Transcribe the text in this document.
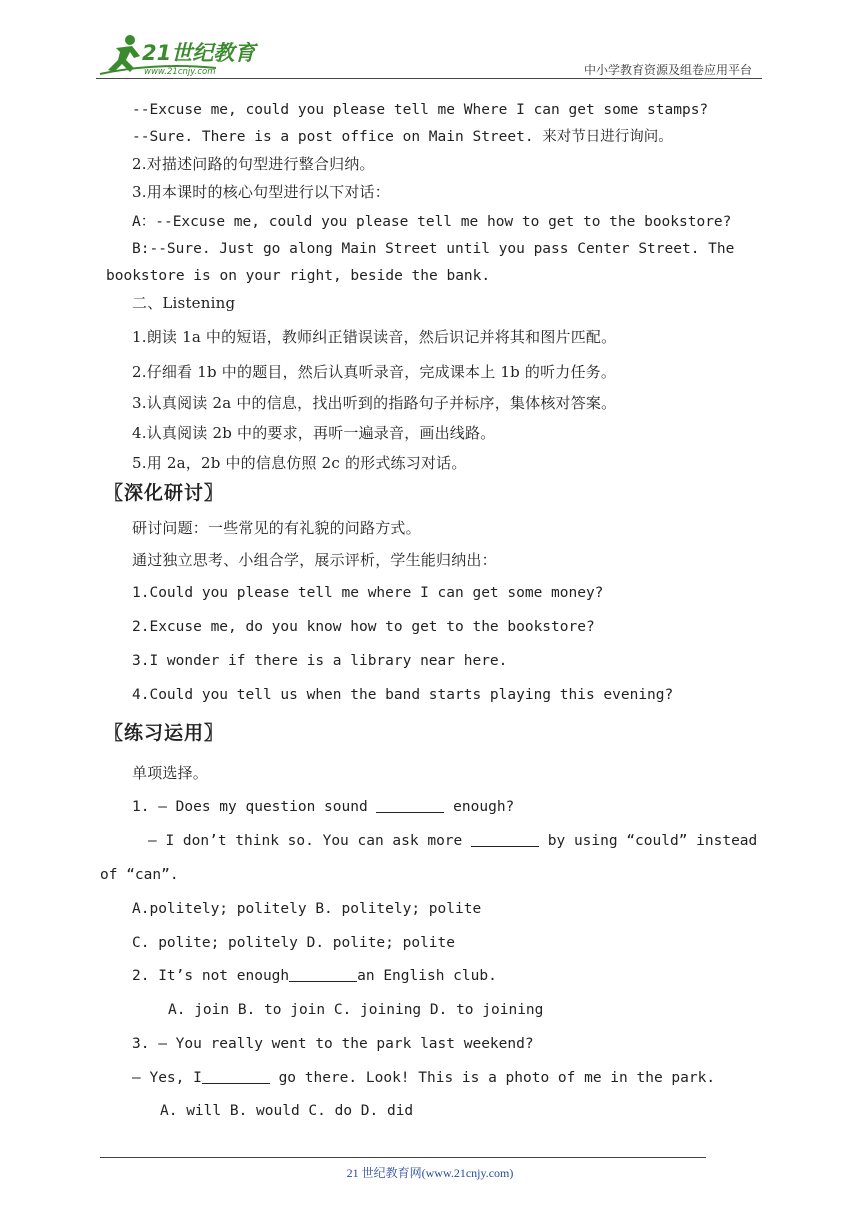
21世纪教育
www.21cnjy.com	中小学教育资源及组卷应用平台
--Excuse me, could you please tell me Where I can get some stamps?
--Sure. There is a post office on Main Street. 来对节日进行询问。
2.对描述问路的句型进行整合归纳。
3.用本课时的核心句型进行以下对话：
A：--Excuse me, could you please tell me how to get to the bookstore?
B:--Sure. Just go along Main Street until you pass Center Street. The
bookstore is on your right, beside the bank.
二、Listening
1.朗读 1a 中的短语，教师纠正错误读音，然后识记并将其和图片匹配。
2.仔细看 1b 中的题目，然后认真听录音，完成课本上 1b 的听力任务。
3.认真阅读 2a 中的信息，找出听到的指路句子并标序，集体核对答案。
4.认真阅读 2b 中的要求，再听一遍录音，画出线路。
5.用 2a，2b 中的信息仿照 2c 的形式练习对话。
〖深化研讨〗
研讨问题：一些常见的有礼貌的问路方式。
通过独立思考、小组合学，展示评析，学生能归纳出：
1.Could you please tell me where I can get some money?
2.Excuse me, do you know how to get to the bookstore?
3.I wonder if there is a library near here.
4.Could you tell us when the band starts playing this evening?
〖练习运用〗
单项选择。
1. — Does my question sound	enough?
— I don’t think so. You can ask more	by using “could” instead
of “can”.
A.politely; politely B. politely; polite
C. polite; politely D. polite; polite
2. It’s not enough	an English club.
A. join B. to join C. joining D. to joining
3. — You really went to the park last weekend?
— Yes, I	go there. Look! This is a photo of me in the park.
A. will B. would C. do D. did
21 世纪教育网(www.21cnjy.com)
